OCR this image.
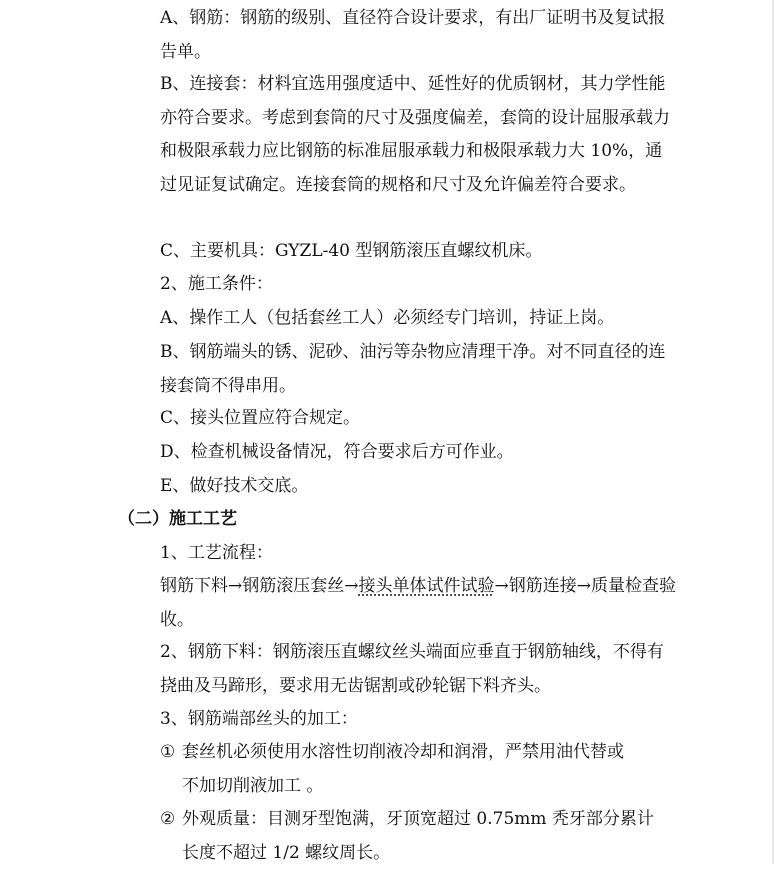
A、钢筋：钢筋的级别、直径符合设计要求，有出厂证明书及复试报告单。

B、连接套：材料宜选用强度适中、延性好的优质钢材，其力学性能亦符合要求。考虑到套筒的尺寸及强度偏差，套筒的设计屈服承载力和极限承载力应比钢筋的标准屈服承载力和极限承载力大 10%，通过见证复试确定。连接套筒的规格和尺寸及允许偏差符合要求。

C、主要机具：GYZL-40 型钢筋滚压直螺纹机床。

2、施工条件：

A、操作工人（包括套丝工人）必须经专门培训，持证上岗。

B、钢筋端头的锈、泥砂、油污等杂物应清理干净。对不同直径的连接套筒不得串用。

C、接头位置应符合规定。

D、检查机械设备情况，符合要求后方可作业。

E、做好技术交底。

（二）施工工艺

1、工艺流程：

钢筋下料→钢筋滚压套丝→接头单体试件试验→钢筋连接→质量检查验收。

2、钢筋下料：钢筋滚压直螺纹丝头端面应垂直于钢筋轴线，不得有挠曲及马蹄形，要求用无齿锯割或砂轮锯下料齐头。

3、钢筋端部丝头的加工：

① 套丝机必须使用水溶性切削液冷却和润滑，严禁用油代替或
不加切削液加工 。
② 外观质量：目测牙型饱满，牙顶宽超过 0.75mm 秃牙部分累计
长度不超过 1/2 螺纹周长。
